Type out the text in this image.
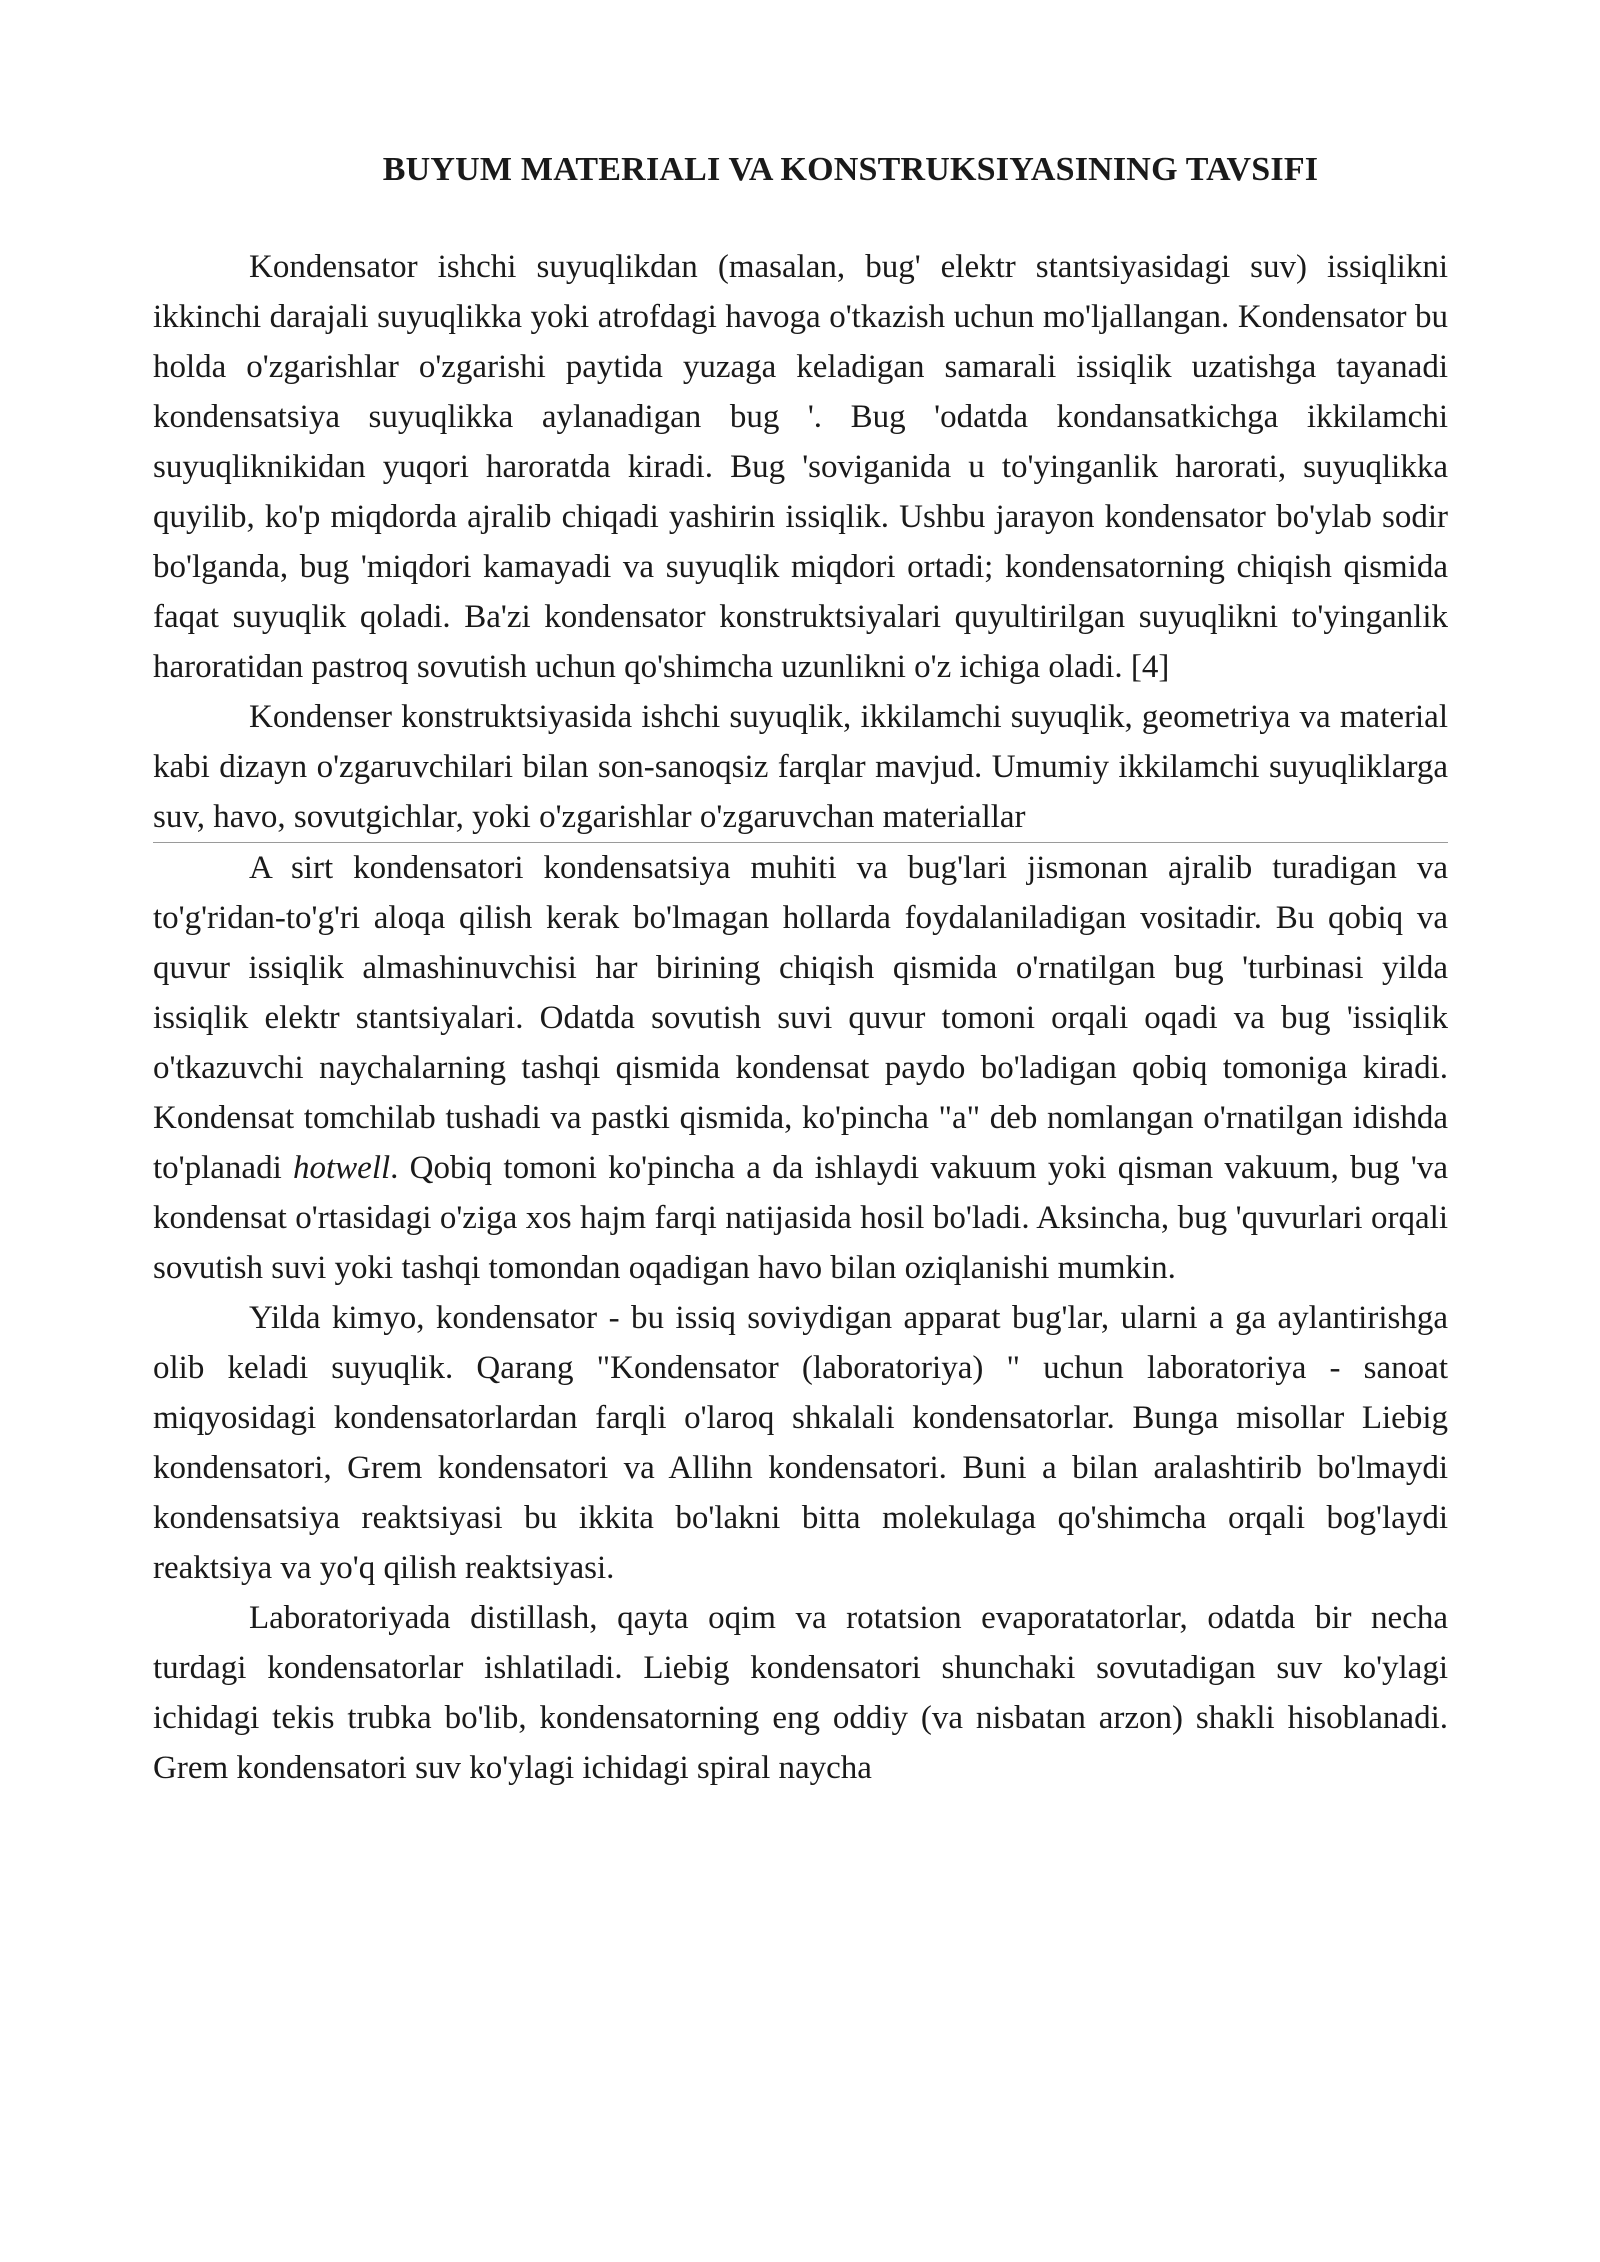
BUYUM MATERIALI VA KONSTRUKSIYASINING TAVSIFI

Kondensator ishchi suyuqlikdan (masalan, bug' elektr stantsiyasidagi suv) issiqlikni ikkinchi darajali suyuqlikka yoki atrofdagi havoga o'tkazish uchun mo'ljallangan. Kondensator bu holda o'zgarishlar o'zgarishi paytida yuzaga keladigan samarali issiqlik uzatishga tayanadi kondensatsiya suyuqlikka aylanadigan bug '. Bug 'odatda kondansatkichga ikkilamchi suyuqliknikidan yuqori haroratda kiradi. Bug 'soviganida u to'yinganlik harorati, suyuqlikka quyilib, ko'p miqdorda ajralib chiqadi yashirin issiqlik. Ushbu jarayon kondensator bo'ylab sodir bo'lganda, bug 'miqdori kamayadi va suyuqlik miqdori ortadi; kondensatorning chiqish qismida faqat suyuqlik qoladi. Ba'zi kondensator konstruktsiyalari quyultirilgan suyuqlikni to'yinganlik haroratidan pastroq sovutish uchun qo'shimcha uzunlikni o'z ichiga oladi. [4]

Kondenser konstruktsiyasida ishchi suyuqlik, ikkilamchi suyuqlik, geometriya va material kabi dizayn o'zgaruvchilari bilan son-sanoqsiz farqlar mavjud. Umumiy ikkilamchi suyuqliklarga suv, havo, sovutgichlar, yoki o'zgarishlar o'zgaruvchan materiallar

A sirt kondensatori kondensatsiya muhiti va bug'lari jismonan ajralib turadigan va to'g'ridan-to'g'ri aloqa qilish kerak bo'lmagan hollarda foydalaniladigan vositadir. Bu qobiq va quvur issiqlik almashinuvchisi har birining chiqish qismida o'rnatilgan bug 'turbinasi yilda issiqlik elektr stantsiyalari. Odatda sovutish suvi quvur tomoni orqali oqadi va bug 'issiqlik o'tkazuvchi naychalarning tashqi qismida kondensat paydo bo'ladigan qobiq tomoniga kiradi. Kondensat tomchilab tushadi va pastki qismida, ko'pincha "a" deb nomlangan o'rnatilgan idishda to'planadi hotwell. Qobiq tomoni ko'pincha a da ishlaydi vakuum yoki qisman vakuum, bug 'va kondensat o'rtasidagi o'ziga xos hajm farqi natijasida hosil bo'ladi. Aksincha, bug 'quvurlari orqali sovutish suvi yoki tashqi tomondan oqadigan havo bilan oziqlanishi mumkin.

Yilda kimyo, kondensator - bu issiq soviydigan apparat bug'lar, ularni a ga aylantirishga olib keladi suyuqlik. Qarang "Kondensator (laboratoriya) " uchun laboratoriya - sanoat miqyosidagi kondensatorlardan farqli o'laroq shkalali kondensatorlar. Bunga misollar Liebig kondensatori, Grem kondensatori va Allihn kondensatori. Buni a bilan aralashtirib bo'lmaydi kondensatsiya reaktsiyasi bu ikkita bo'lakni bitta molekulaga qo'shimcha orqali bog'laydi reaktsiya va yo'q qilish reaktsiyasi.

Laboratoriyada distillash, qayta oqim va rotatsion evaporatatorlar, odatda bir necha turdagi kondensatorlar ishlatiladi. Liebig kondensatori shunchaki sovutadigan suv ko'ylagi ichidagi tekis trubka bo'lib, kondensatorning eng oddiy (va nisbatan arzon) shakli hisoblanadi. Grem kondensatori suv ko'ylagi ichidagi spiral naycha
